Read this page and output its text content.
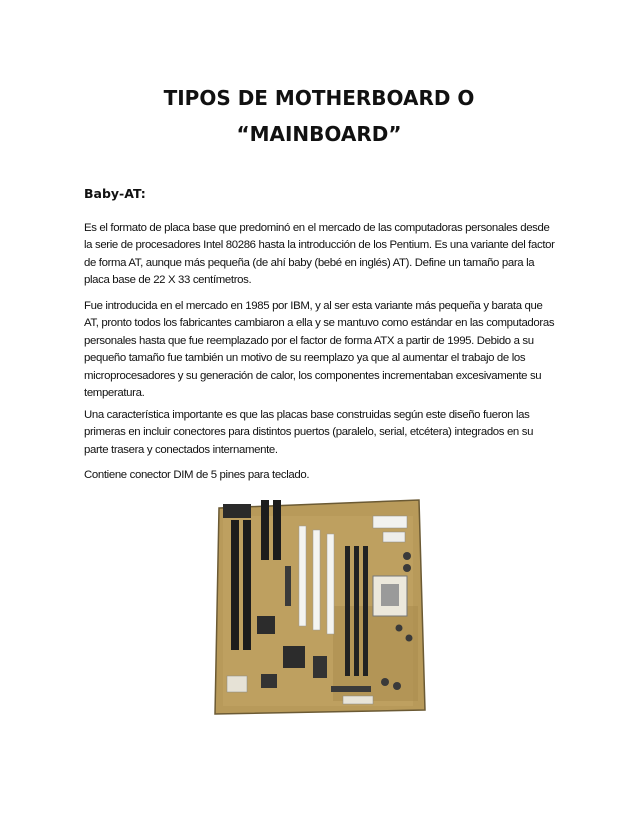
TIPOS DE MOTHERBOARD O
“MAINBOARD”
Baby-AT:

Es el formato de placa base que predominó en el mercado de las computadoras personales desde la serie de procesadores Intel 80286 hasta la introducción de los Pentium. Es una variante del factor de forma AT, aunque más pequeña (de ahí baby (bebé en inglés) AT). Define un tamaño para la placa base de 22 X 33 centímetros.

Fue introducida en el mercado en 1985 por IBM, y al ser esta variante más pequeña y barata que AT, pronto todos los fabricantes cambiaron a ella y se mantuvo como estándar en las computadoras personales hasta que fue reemplazado por el factor de forma ATX a partir de 1995. Debido a su pequeño tamaño fue también un motivo de su reemplazo ya que al aumentar el trabajo de los microprocesadores y su generación de calor, los componentes incrementaban excesivamente su temperatura.

Una característica importante es que las placas base construidas según este diseño fueron las primeras en incluir conectores para distintos puertos (paralelo, serial, etcétera) integrados en su parte trasera y conectados internamente.

Contiene conector DIM de 5 pines para teclado.
